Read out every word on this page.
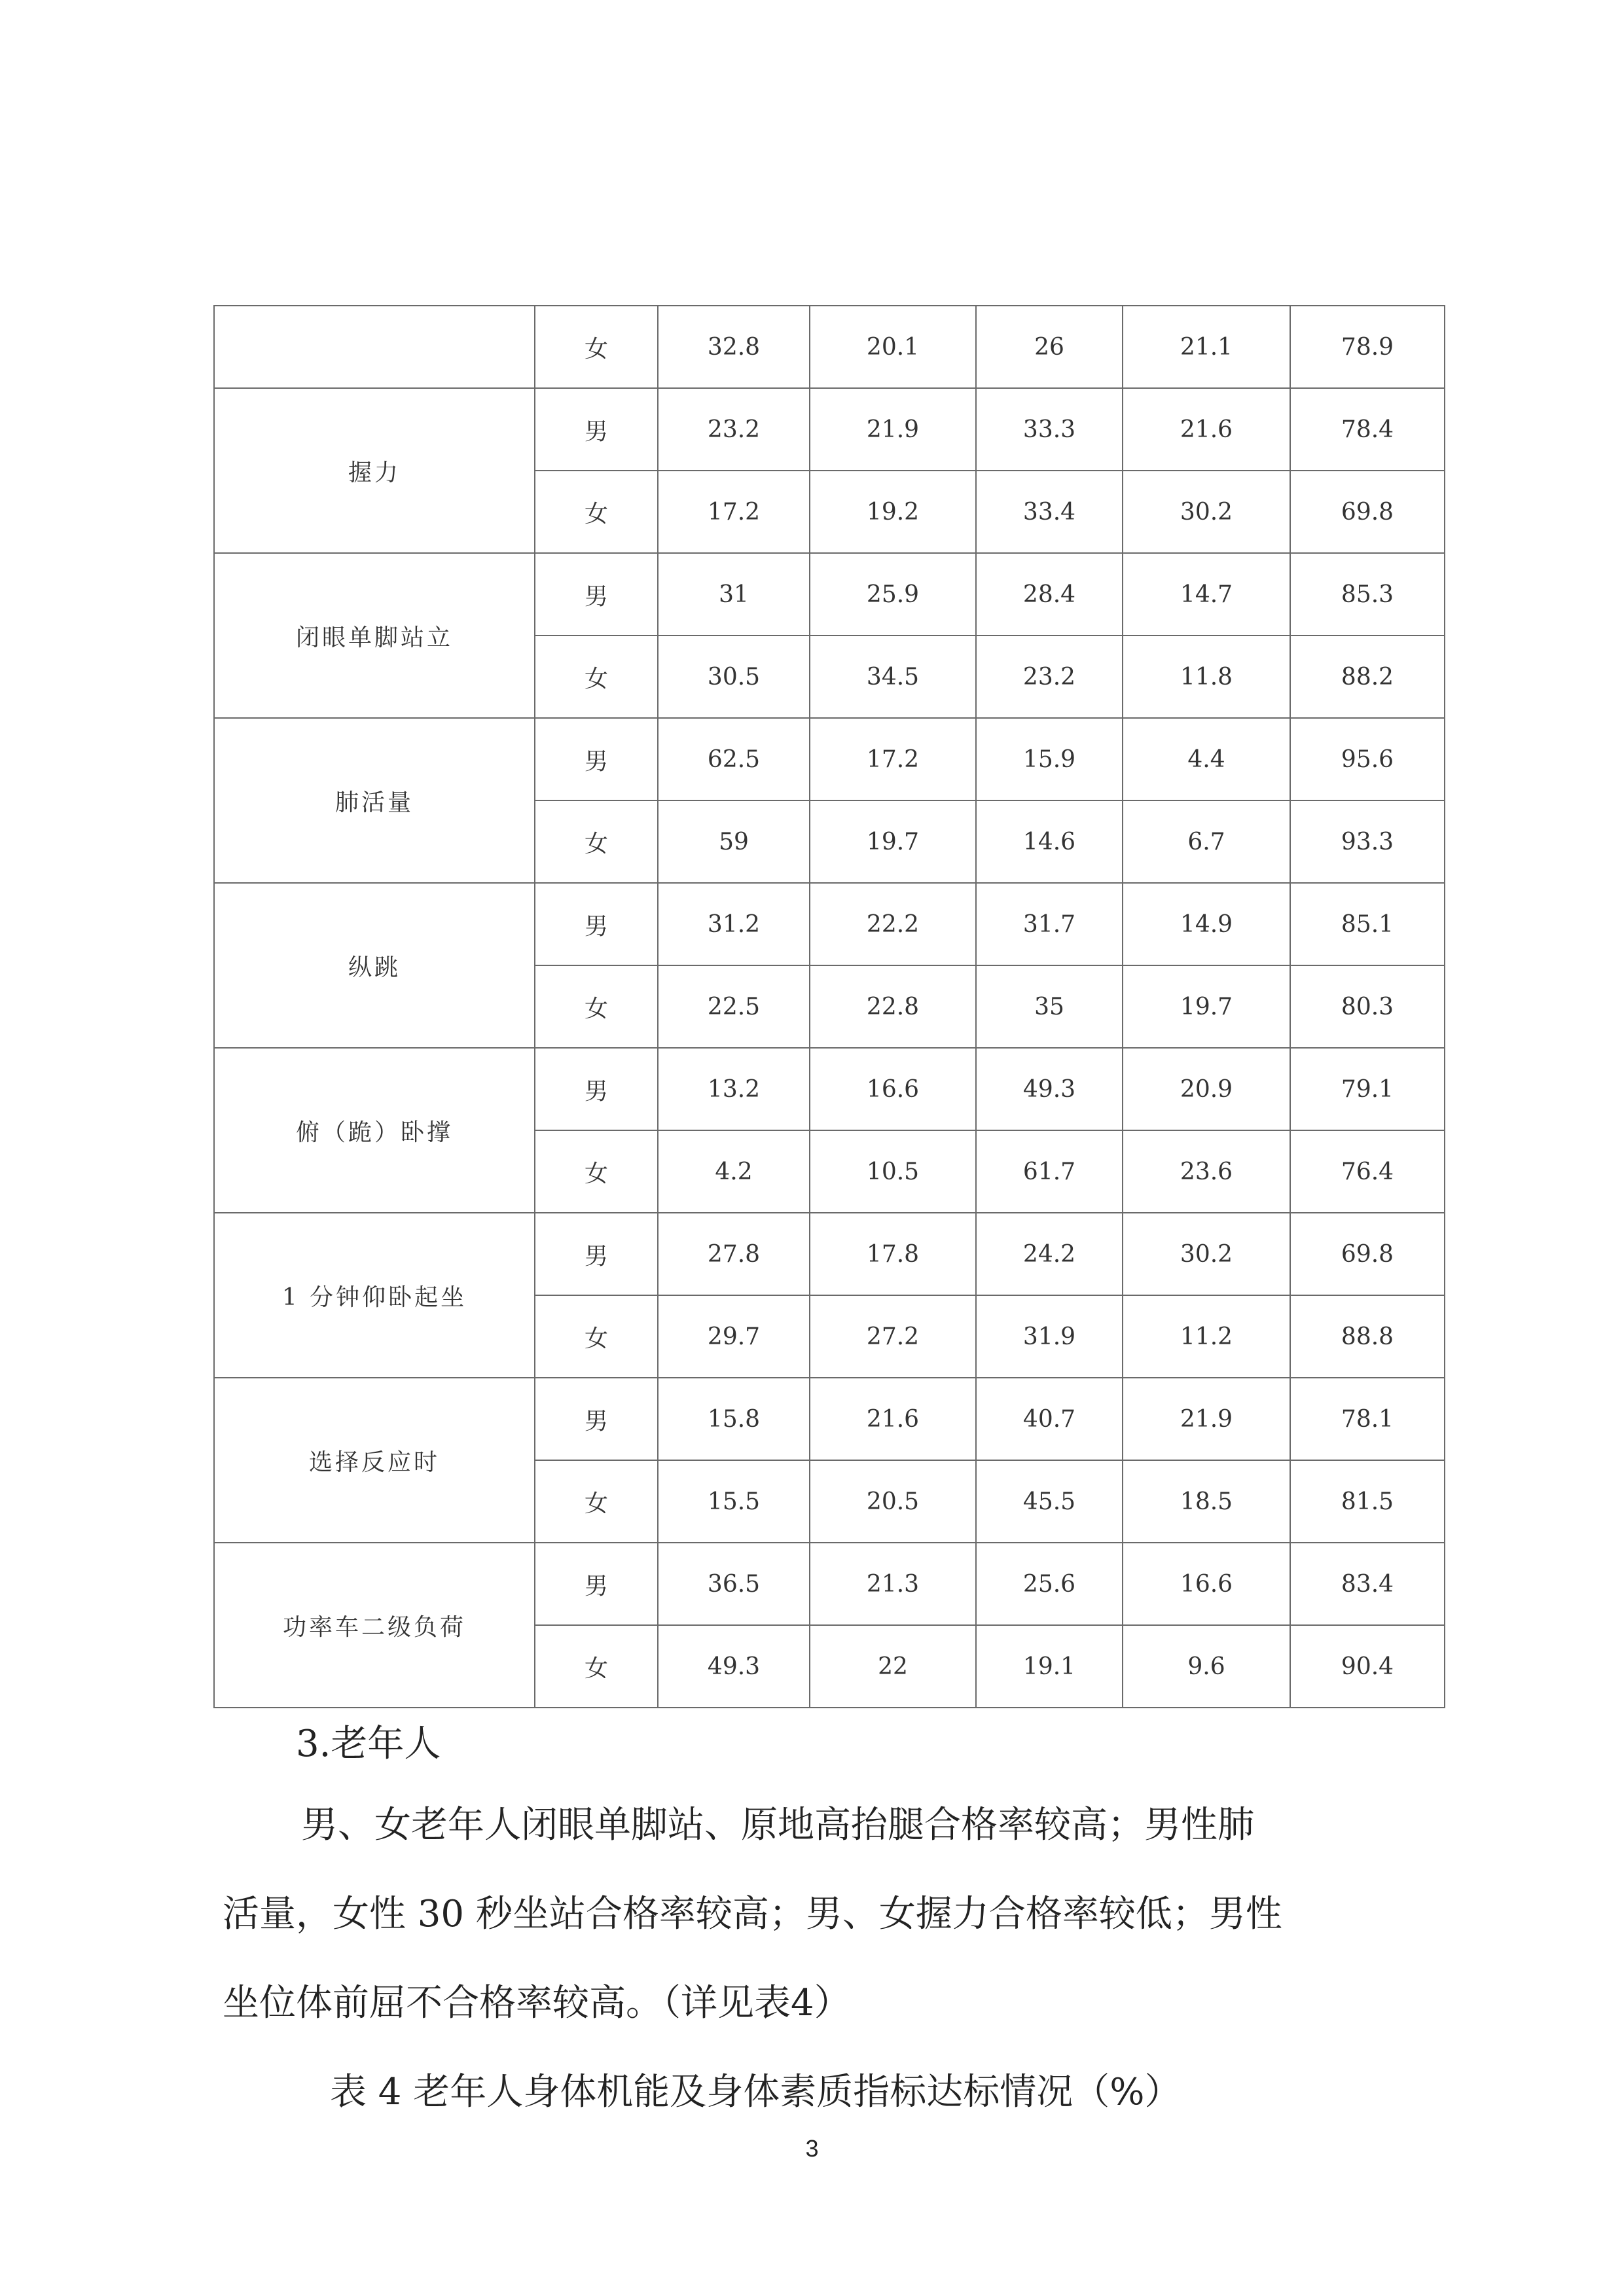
	女	32.8	20.1	26	21.1	78.9
握力	男	23.2	21.9	33.3	21.6	78.4
	女	17.2	19.2	33.4	30.2	69.8
闭眼单脚站立	男	31	25.9	28.4	14.7	85.3
	女	30.5	34.5	23.2	11.8	88.2
肺活量	男	62.5	17.2	15.9	4.4	95.6
	女	59	19.7	14.6	6.7	93.3
纵跳	男	31.2	22.2	31.7	14.9	85.1
	女	22.5	22.8	35	19.7	80.3
俯（跪）卧撑	男	13.2	16.6	49.3	20.9	79.1
	女	4.2	10.5	61.7	23.6	76.4
1 分钟仰卧起坐	男	27.8	17.8	24.2	30.2	69.8
	女	29.7	27.2	31.9	11.2	88.8
选择反应时	男	15.8	21.6	40.7	21.9	78.1
	女	15.5	20.5	45.5	18.5	81.5
功率车二级负荷	男	36.5	21.3	25.6	16.6	83.4
	女	49.3	22	19.1	9.6	90.4
3.老年人
男、女老年人闭眼单脚站、原地高抬腿合格率较高；男性肺
活量，女性 30 秒坐站合格率较高；男、女握力合格率较低；男性
坐位体前屈不合格率较高。（详见表4）
表 4 老年人身体机能及身体素质指标达标情况（%）
3
